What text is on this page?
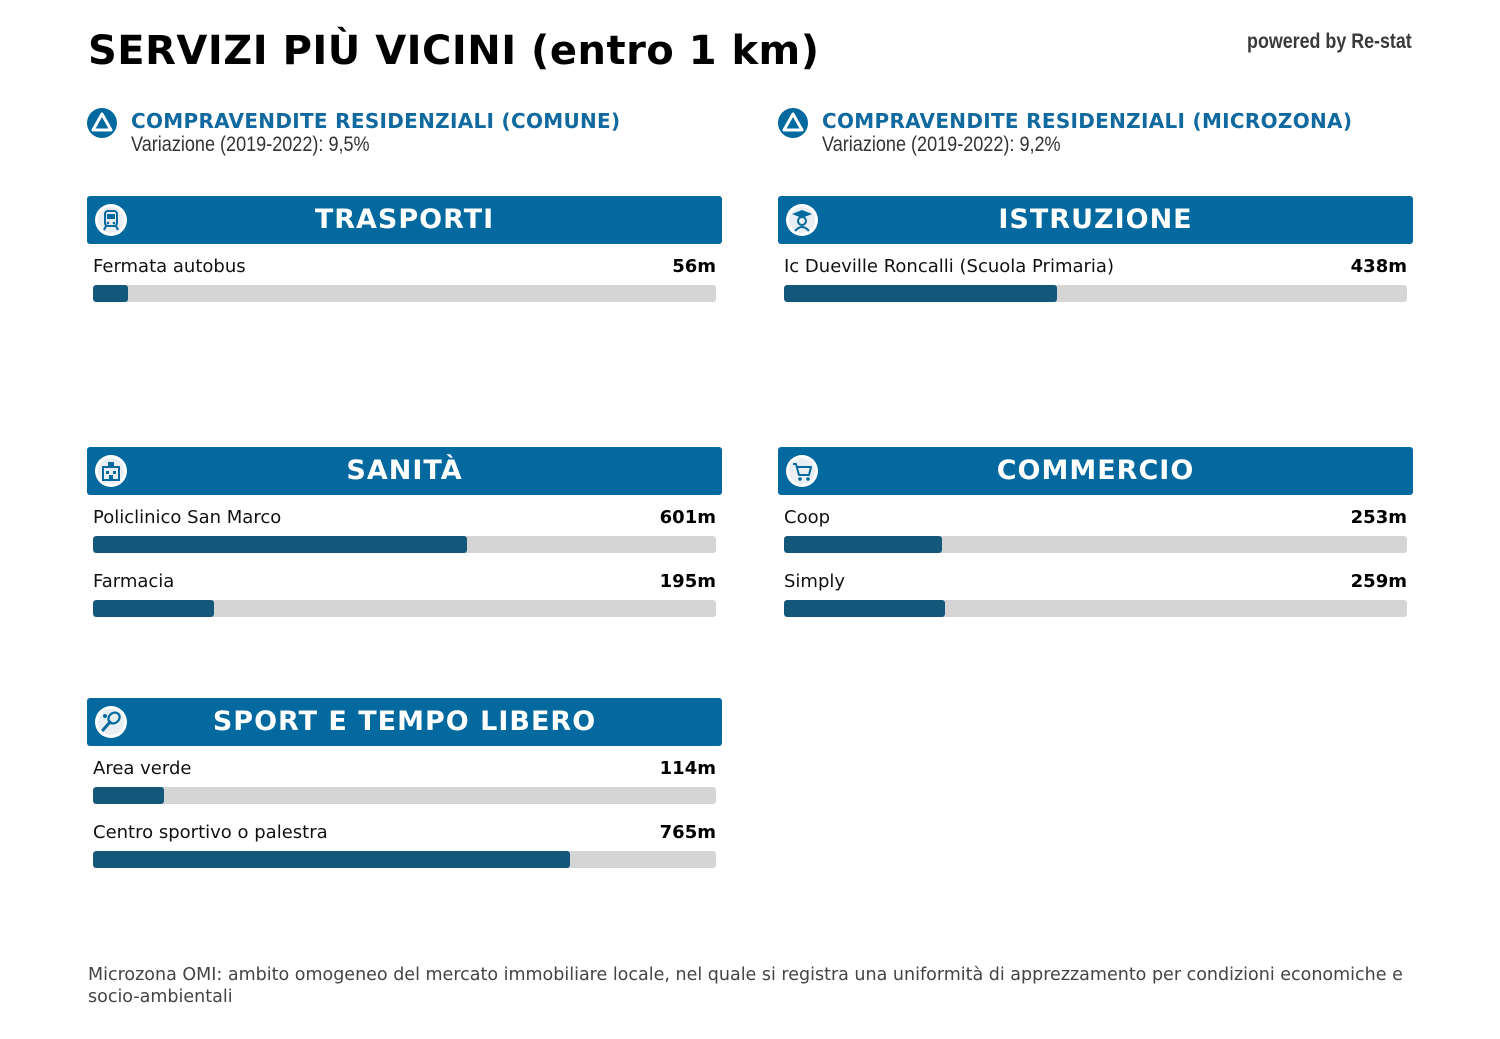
SERVIZI PIÙ VICINI (entro 1 km)	powered by Re-stat
COMPRAVENDITE RESIDENZIALI (COMUNE)
Variazione (2019-2022): 9,5%
COMPRAVENDITE RESIDENZIALI (MICROZONA)
Variazione (2019-2022): 9,2%
TRASPORTI
Fermata autobus	56m
ISTRUZIONE
Ic Dueville Roncalli (Scuola Primaria)	438m
SANITÀ
Policlinico San Marco	601m
Farmacia	195m
COMMERCIO
Coop	253m
Simply	259m
SPORT E TEMPO LIBERO
Area verde	114m
Centro sportivo o palestra	765m
Microzona OMI: ambito omogeneo del mercato immobiliare locale, nel quale si registra una uniformità di apprezzamento per condizioni economiche e socio-ambientali
